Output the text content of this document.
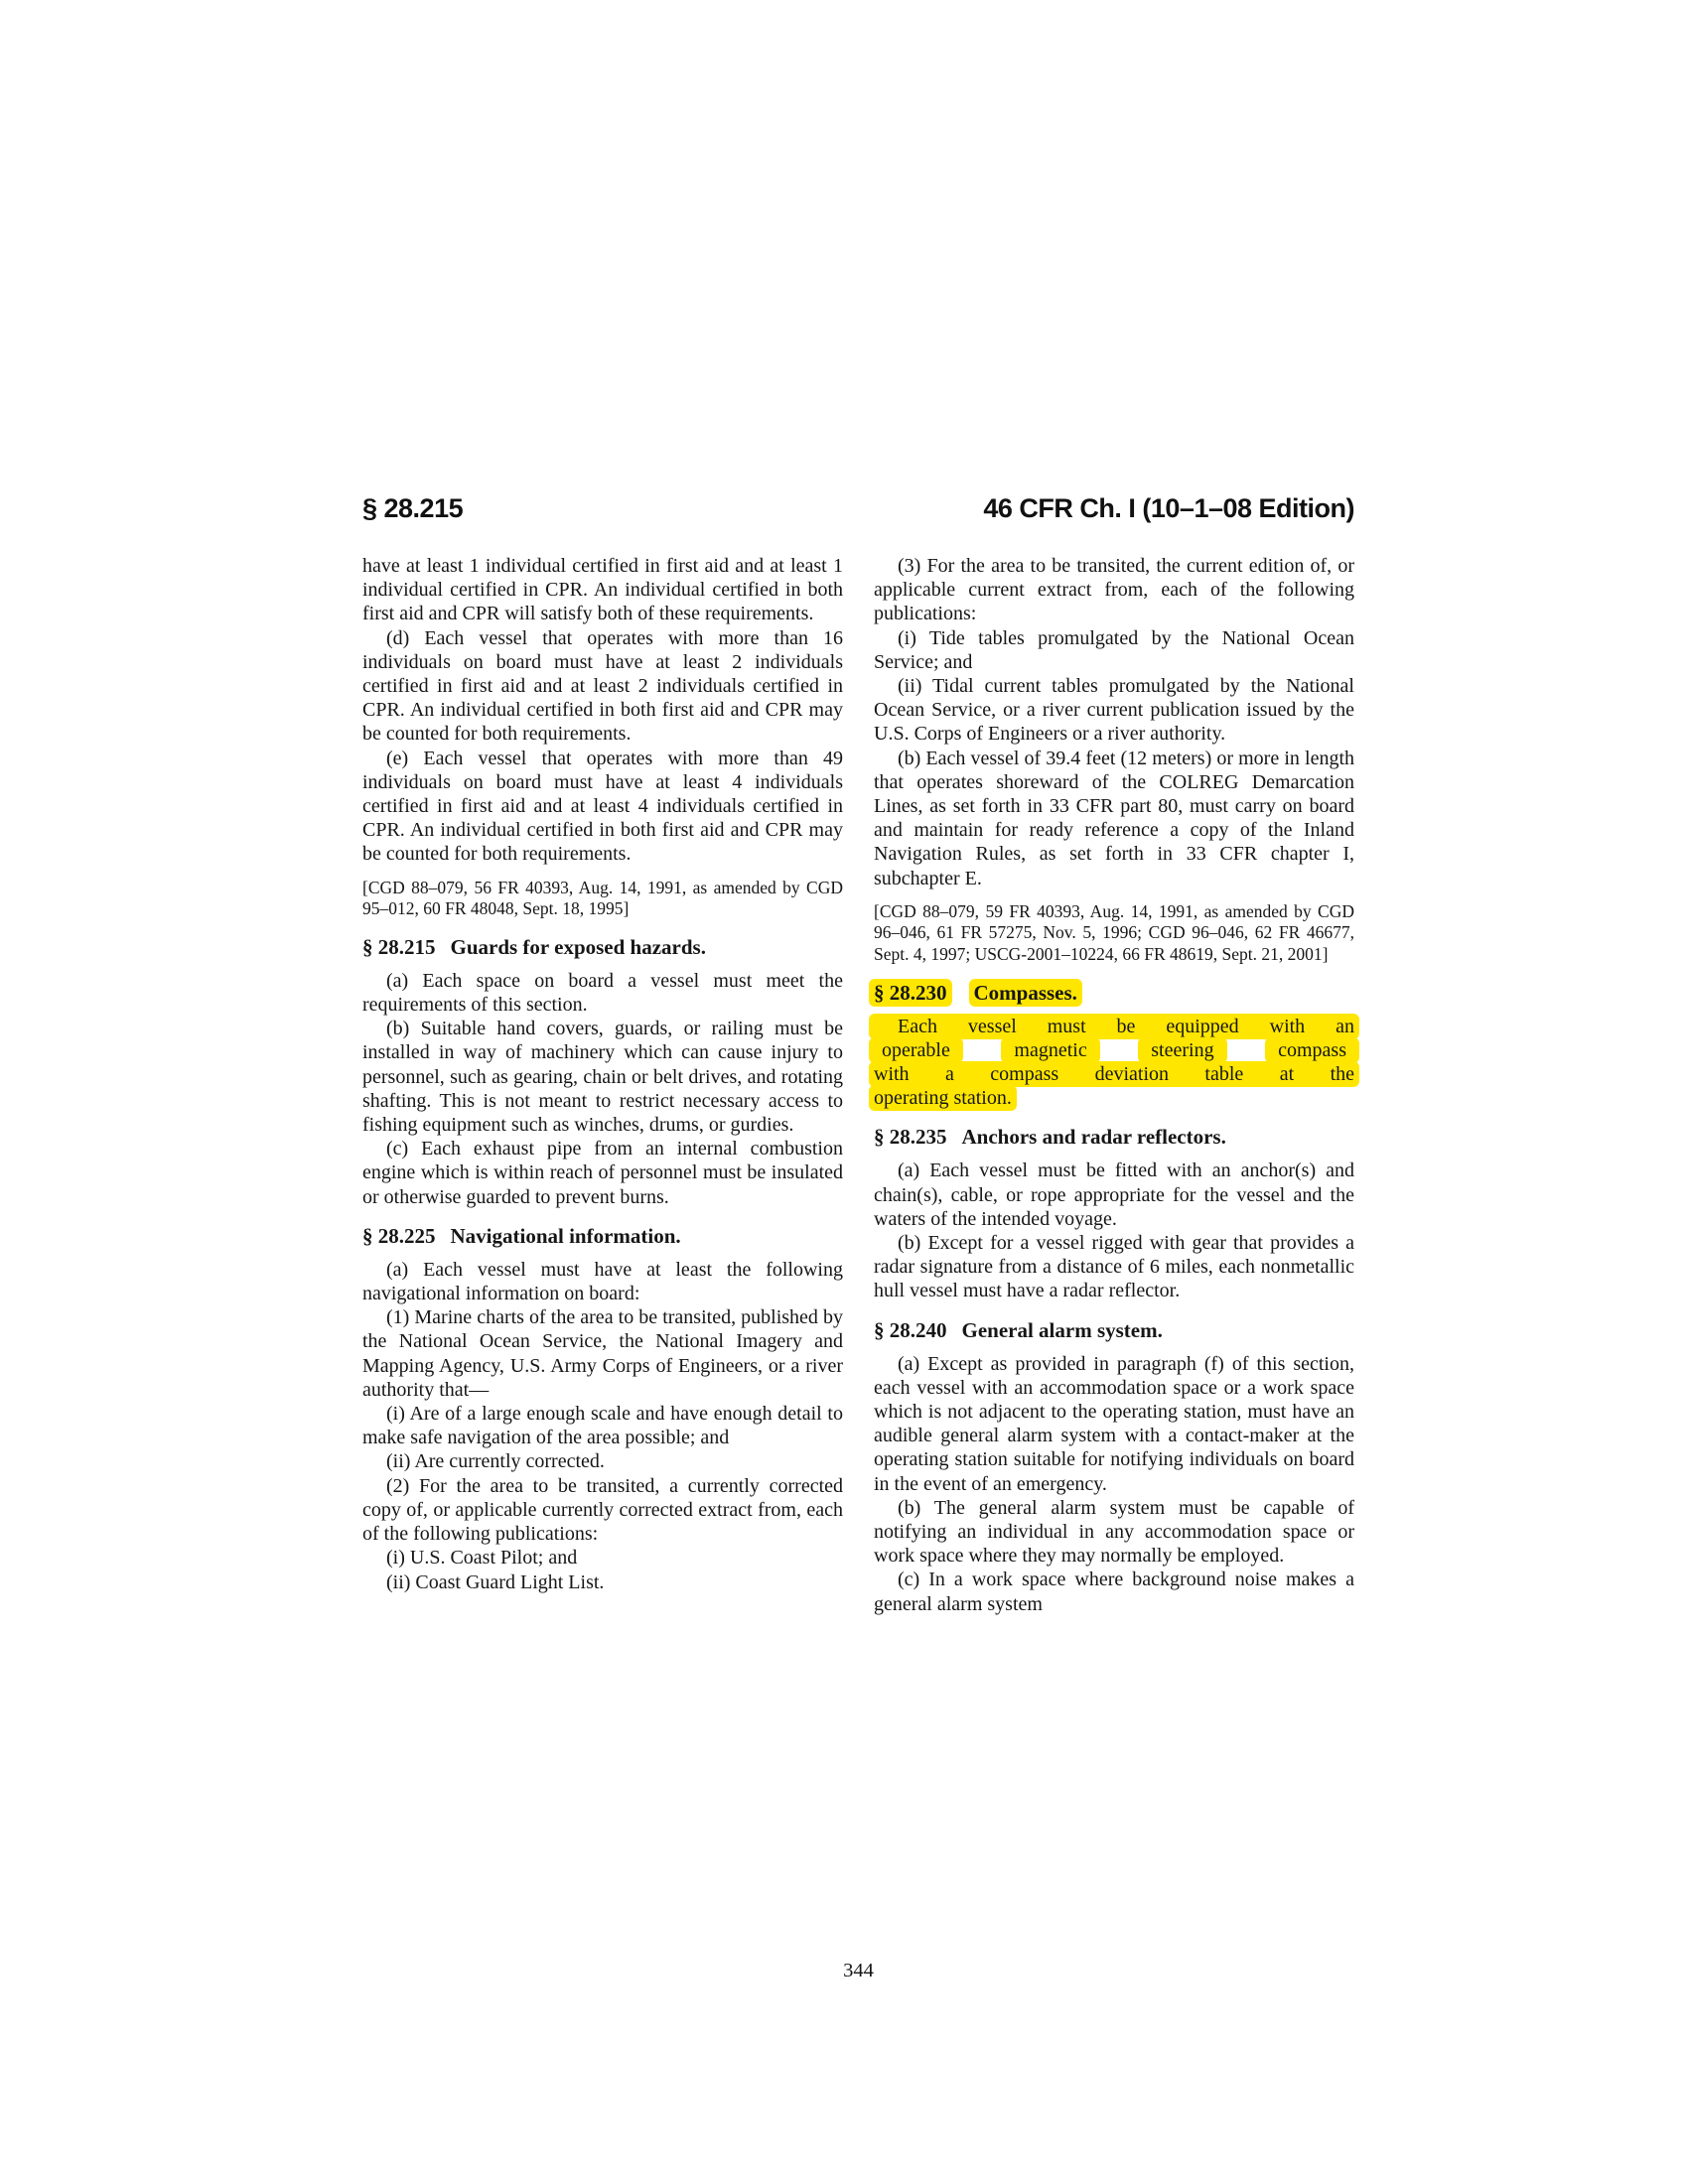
§ 28.215	46 CFR Ch. I (10–1–08 Edition)

have at least 1 individual certified in first aid and at least 1 individual certified in CPR. An individual certified in both first aid and CPR will satisfy both of these requirements.

(d) Each vessel that operates with more than 16 individuals on board must have at least 2 individuals certified in first aid and at least 2 individuals certified in CPR. An individual certified in both first aid and CPR may be counted for both requirements.

(e) Each vessel that operates with more than 49 individuals on board must have at least 4 individuals certified in first aid and at least 4 individuals certified in CPR. An individual certified in both first aid and CPR may be counted for both requirements.

[CGD 88–079, 56 FR 40393, Aug. 14, 1991, as amended by CGD 95–012, 60 FR 48048, Sept. 18, 1995]

§ 28.215 Guards for exposed hazards.

(a) Each space on board a vessel must meet the requirements of this section.

(b) Suitable hand covers, guards, or railing must be installed in way of machinery which can cause injury to personnel, such as gearing, chain or belt drives, and rotating shafting. This is not meant to restrict necessary access to fishing equipment such as winches, drums, or gurdies.

(c) Each exhaust pipe from an internal combustion engine which is within reach of personnel must be insulated or otherwise guarded to prevent burns.

§ 28.225 Navigational information.

(a) Each vessel must have at least the following navigational information on board:

(1) Marine charts of the area to be transited, published by the National Ocean Service, the National Imagery and Mapping Agency, U.S. Army Corps of Engineers, or a river authority that—

(i) Are of a large enough scale and have enough detail to make safe navigation of the area possible; and

(ii) Are currently corrected.

(2) For the area to be transited, a currently corrected copy of, or applicable currently corrected extract from, each of the following publications:

(i) U.S. Coast Pilot; and

(ii) Coast Guard Light List.

(3) For the area to be transited, the current edition of, or applicable current extract from, each of the following publications:

(i) Tide tables promulgated by the National Ocean Service; and

(ii) Tidal current tables promulgated by the National Ocean Service, or a river current publication issued by the U.S. Corps of Engineers or a river authority.

(b) Each vessel of 39.4 feet (12 meters) or more in length that operates shoreward of the COLREG Demarcation Lines, as set forth in 33 CFR part 80, must carry on board and maintain for ready reference a copy of the Inland Navigation Rules, as set forth in 33 CFR chapter I, subchapter E.

[CGD 88–079, 59 FR 40393, Aug. 14, 1991, as amended by CGD 96–046, 61 FR 57275, Nov. 5, 1996; CGD 96–046, 62 FR 46677, Sept. 4, 1997; USCG-2001–10224, 66 FR 48619, Sept. 21, 2001]

§ 28.230 Compasses.
Each vessel must be equipped with an
operable	magnetic	steering	compass
with a compass deviation table at the
operating station.
§ 28.235 Anchors and radar reflectors.

(a) Each vessel must be fitted with an anchor(s) and chain(s), cable, or rope appropriate for the vessel and the waters of the intended voyage.

(b) Except for a vessel rigged with gear that provides a radar signature from a distance of 6 miles, each nonmetallic hull vessel must have a radar reflector.

§ 28.240 General alarm system.

(a) Except as provided in paragraph (f) of this section, each vessel with an accommodation space or a work space which is not adjacent to the operating station, must have an audible general alarm system with a contact-maker at the operating station suitable for notifying individuals on board in the event of an emergency.

(b) The general alarm system must be capable of notifying an individual in any accommodation space or work space where they may normally be employed.

(c) In a work space where background noise makes a general alarm system

344
